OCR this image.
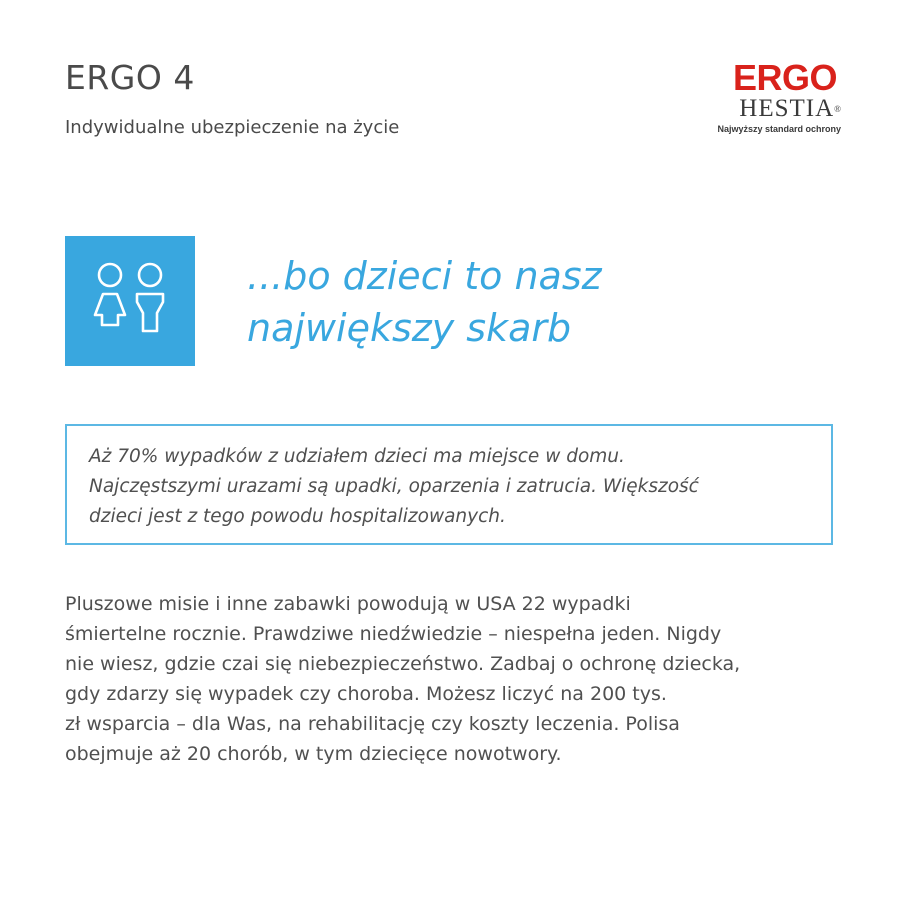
ERGO 4
Indywidualne ubezpieczenie na życie
ERGO
HESTIA®
Najwyższy standard ochrony
...bo dzieci to nasz
największy skarb
Aż 70% wypadków z udziałem dzieci ma miejsce w domu.
Najczęstszymi urazami są upadki, oparzenia i zatrucia. Większość
dzieci jest z tego powodu hospitalizowanych.
Pluszowe misie i inne zabawki powodują w USA 22 wypadki
śmiertelne rocznie. Prawdziwe niedźwiedzie – niespełna jeden. Nigdy
nie wiesz, gdzie czai się niebezpieczeństwo. Zadbaj o ochronę dziecka,
gdy zdarzy się wypadek czy choroba. Możesz liczyć na 200 tys.
zł wsparcia – dla Was, na rehabilitację czy koszty leczenia. Polisa
obejmuje aż 20 chorób, w tym dziecięce nowotwory.
